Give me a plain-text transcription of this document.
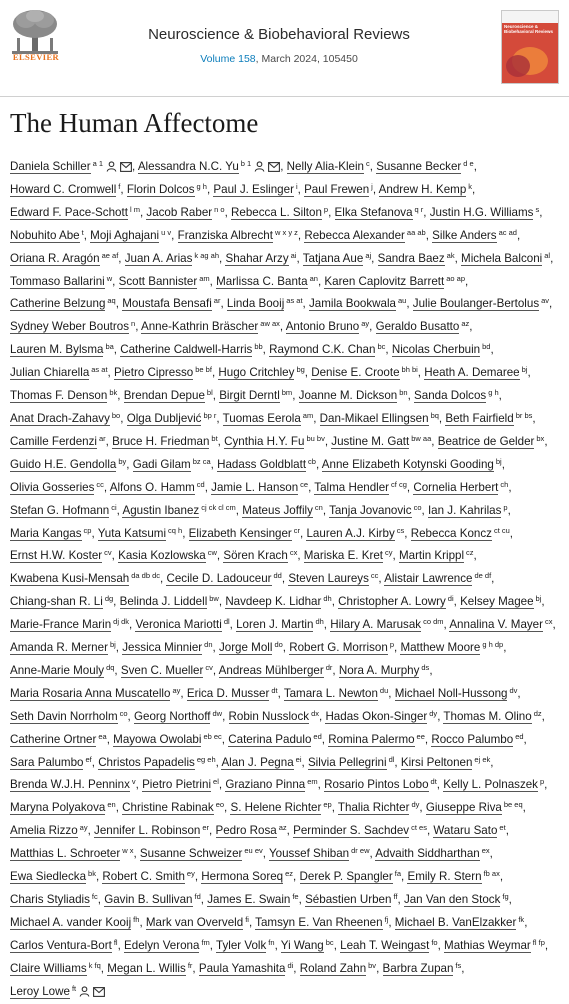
ELSEVIER
Neuroscience & Biobehavioral Reviews
Volume 158, March 2024, 105450
Neuroscience & Biobehavioral Reviews
The Human Affectome
Daniela Schiller $^{a 1}$	, Alessandra N.C. Yu $^{b 1}$	, Nelly Alia-Klein $^c$, Susanne Becker $^{d e}$, Howard C. Cromwell $^f$, Florin Dolcos $^{g h}$, Paul J. Eslinger $^i$, Paul Frewen $^j$, Andrew H. Kemp $^k$, Edward F. Pace-Schott $^{l m}$, Jacob Raber $^{n o}$, Rebecca L. Silton $^p$, Elka Stefanova $^{q r}$, Justin H.G. Williams $^s$, Nobuhito Abe $^t$, Moji Aghajani $^{u v}$, Franziska Albrecht $^{w x y z}$, Rebecca Alexander $^{aa ab}$, Silke Anders $^{ac ad}$, Oriana R. Aragón $^{ae af}$, Juan A. Arias $^{k ag ah}$, Shahar Arzy $^{ai}$, Tatjana Aue $^{aj}$, Sandra Baez $^{ak}$, Michela Balconi $^{al}$, Tommaso Ballarini $^w$, Scott Bannister $^{am}$, Marlissa C. Banta $^{an}$, Karen Caplovitz Barrett $^{ao ap}$, Catherine Belzung $^{aq}$, Moustafa Bensafi $^{ar}$, Linda Booij $^{as at}$, Jamila Bookwala $^{au}$, Julie Boulanger-Bertolus $^{av}$, Sydney Weber Boutros $^n$, Anne-Kathrin Bräscher $^{aw ax}$, Antonio Bruno $^{ay}$, Geraldo Busatto $^{az}$, Lauren M. Bylsma $^{ba}$, Catherine Caldwell-Harris $^{bb}$, Raymond C.K. Chan $^{bc}$, Nicolas Cherbuin $^{bd}$, Julian Chiarella $^{as at}$, Pietro Cipresso $^{be bf}$, Hugo Critchley $^{bg}$, Denise E. Croote $^{bh bi}$, Heath A. Demaree $^{bj}$, Thomas F. Denson $^{bk}$, Brendan Depue $^{bl}$, Birgit Derntl $^{bm}$, Joanne M. Dickson $^{bn}$, Sanda Dolcos $^{g h}$, Anat Drach-Zahavy $^{bo}$, Olga Dubljević $^{bp r}$, Tuomas Eerola $^{am}$, Dan-Mikael Ellingsen $^{bq}$, Beth Fairfield $^{br bs}$, Camille Ferdenzi $^{ar}$, Bruce H. Friedman $^{bt}$, Cynthia H.Y. Fu $^{bu bv}$, Justine M. Gatt $^{bw aa}$, Beatrice de Gelder $^{bx}$, Guido H.E. Gendolla $^{by}$, Gadi Gilam $^{bz ca}$, Hadass Goldblatt $^{cb}$, Anne Elizabeth Kotynski Gooding $^{bj}$, Olivia Gosseries $^{cc}$, Alfons O. Hamm $^{cd}$, Jamie L. Hanson $^{ce}$, Talma Hendler $^{cf cg}$, Cornelia Herbert $^{ch}$, Stefan G. Hofmann $^{ci}$, Agustin Ibanez $^{cj ck cl cm}$, Mateus Joffily $^{cn}$, Tanja Jovanovic $^{co}$, Ian J. Kahrilas $^p$, Maria Kangas $^{cp}$, Yuta Katsumi $^{cq h}$, Elizabeth Kensinger $^{cr}$, Lauren A.J. Kirby $^{cs}$, Rebecca Koncz $^{ct cu}$, Ernst H.W. Koster $^{cv}$, Kasia Kozlowska $^{cw}$, Sören Krach $^{cx}$, Mariska E. Kret $^{cy}$, Martin Krippl $^{cz}$, Kwabena Kusi-Mensah $^{da db dc}$, Cecile D. Ladouceur $^{dd}$, Steven Laureys $^{cc}$, Alistair Lawrence $^{de df}$, Chiang-shan R. Li $^{dg}$, Belinda J. Liddell $^{bw}$, Navdeep K. Lidhar $^{dh}$, Christopher A. Lowry $^{di}$, Kelsey Magee $^{bj}$, Marie-France Marin $^{dj dk}$, Veronica Mariotti $^{dl}$, Loren J. Martin $^{dh}$, Hilary A. Marusak $^{co dm}$, Annalina V. Mayer $^{cx}$, Amanda R. Merner $^{bj}$, Jessica Minnier $^{dn}$, Jorge Moll $^{do}$, Robert G. Morrison $^p$, Matthew Moore $^{g h dp}$, Anne-Marie Mouly $^{dq}$, Sven C. Mueller $^{cv}$, Andreas Mühlberger $^{dr}$, Nora A. Murphy $^{ds}$, Maria Rosaria Anna Muscatello $^{ay}$, Erica D. Musser $^{dt}$, Tamara L. Newton $^{du}$, Michael Noll-Hussong $^{dv}$, Seth Davin Norrholm $^{co}$, Georg Northoff $^{dw}$, Robin Nusslock $^{dx}$, Hadas Okon-Singer $^{dy}$, Thomas M. Olino $^{dz}$, Catherine Ortner $^{ea}$, Mayowa Owolabi $^{eb ec}$, Caterina Padulo $^{ed}$, Romina Palermo $^{ee}$, Rocco Palumbo $^{ed}$, Sara Palumbo $^{ef}$, Christos Papadelis $^{eg eh}$, Alan J. Pegna $^{ei}$, Silvia Pellegrini $^{dl}$, Kirsi Peltonen $^{ej ek}$, Brenda W.J.H. Penninx $^v$, Pietro Pietrini $^{el}$, Graziano Pinna $^{em}$, Rosario Pintos Lobo $^{dt}$, Kelly L. Polnaszek $^p$, Maryna Polyakova $^{en}$, Christine Rabinak $^{eo}$, S. Helene Richter $^{ep}$, Thalia Richter $^{dy}$, Giuseppe Riva $^{be eq}$, Amelia Rizzo $^{ay}$, Jennifer L. Robinson $^{er}$, Pedro Rosa $^{az}$, Perminder S. Sachdev $^{ct es}$, Wataru Sato $^{et}$, Matthias L. Schroeter $^{w x}$, Susanne Schweizer $^{eu ev}$, Youssef Shiban $^{dr ew}$, Advaith Siddharthan $^{ex}$, Ewa Siedlecka $^{bk}$, Robert C. Smith $^{ey}$, Hermona Soreq $^{ez}$, Derek P. Spangler $^{fa}$, Emily R. Stern $^{fb ax}$, Charis Styliadis $^{fc}$, Gavin B. Sullivan $^{fd}$, James E. Swain $^{fe}$, Sébastien Urben $^{ff}$, Jan Van den Stock $^{fg}$, Michael A. vander Kooij $^{fh}$, Mark van Overveld $^{fi}$, Tamsyn E. Van Rheenen $^{fj}$, Michael B. VanElzakker $^{fk}$, Carlos Ventura-Bort $^{fl}$, Edelyn Verona $^{fm}$, Tyler Volk $^{fn}$, Yi Wang $^{bc}$, Leah T. Weingast $^{fo}$, Mathias Weymar $^{fl fp}$, Claire Williams $^{k fq}$, Megan L. Willis $^{fr}$, Paula Yamashita $^{di}$, Roland Zahn $^{bv}$, Barbra Zupan $^{fs}$, Leroy Lowe $^{ft}$
